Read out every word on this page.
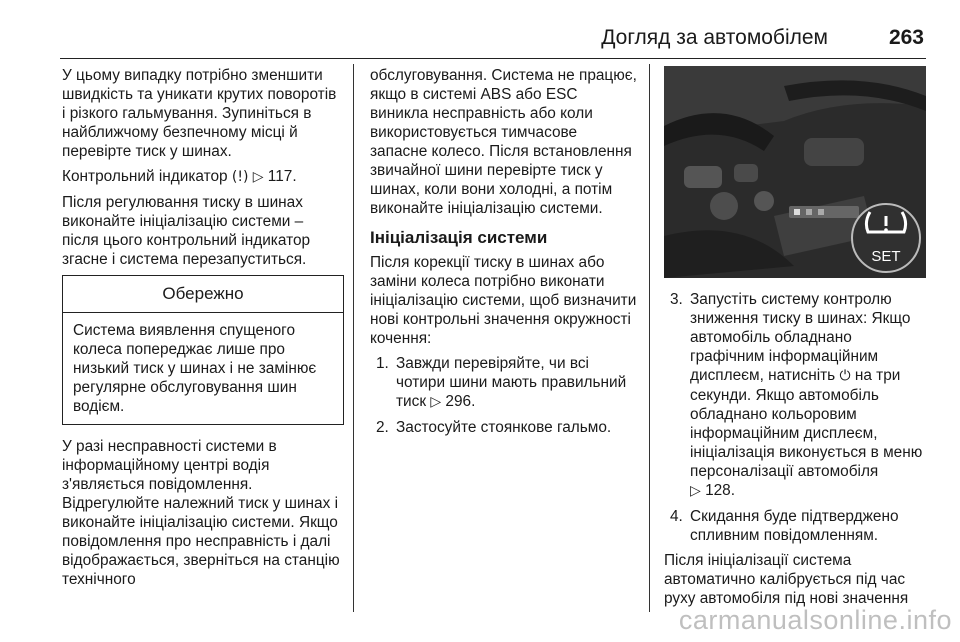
Догляд за автомобілем	263

У цьому випадку потрібно зменшити швидкість та уникати крутих поворотів і різкого гальмування. Зупиніться в найближчому безпечному місці й перевірте тиск у шинах.

Контрольний індикатор (!) ▷ 117.

Після регулювання тиску в шинах виконайте ініціалізацію системи – після цього контрольний індикатор згасне і система перезапуститься.

Обережно
Система виявлення спущеного колеса попереджає лише про низький тиск у шинах і не замінює регулярне обслуговування шин водієм.

У разі несправності системи в інформаційному центрі водія з'являється повідомлення. Відрегулюйте належний тиск у шинах і виконайте ініціалізацію системи. Якщо повідомлення про несправність і далі відображається, зверніться на станцію технічного

обслуговування. Система не працює, якщо в системі ABS або ESC виникла несправність або коли використовується тимчасове запасне колесо. Після встановлення звичайної шини перевірте тиск у шинах, коли вони холодні, а потім виконайте ініціалізацію системи.

Ініціалізація системи

Після корекції тиску в шинах або заміни колеса потрібно виконати ініціалізацію системи, щоб визначити нові контрольні значення окружності кочення:

1. Завжди перевіряйте, чи всі чотири шини мають правильний тиск ▷ 296.
2. Застосуйте стоянкове гальмо.
SET
3. Запустіть систему контролю зниження тиску в шинах: Якщо автомобіль обладнано графічним інформаційним дисплеєм, натисніть ⏻ на три секунди. Якщо автомобіль обладнано кольоровим інформаційним дисплеєм, ініціалізація виконується в меню персоналізації автомобіля
▷ 128.
4. Скидання буде підтверджено спливним повідомленням.

Після ініціалізації система автоматично калібрується під час руху автомобіля під нові значення

carmanualsonline.info
